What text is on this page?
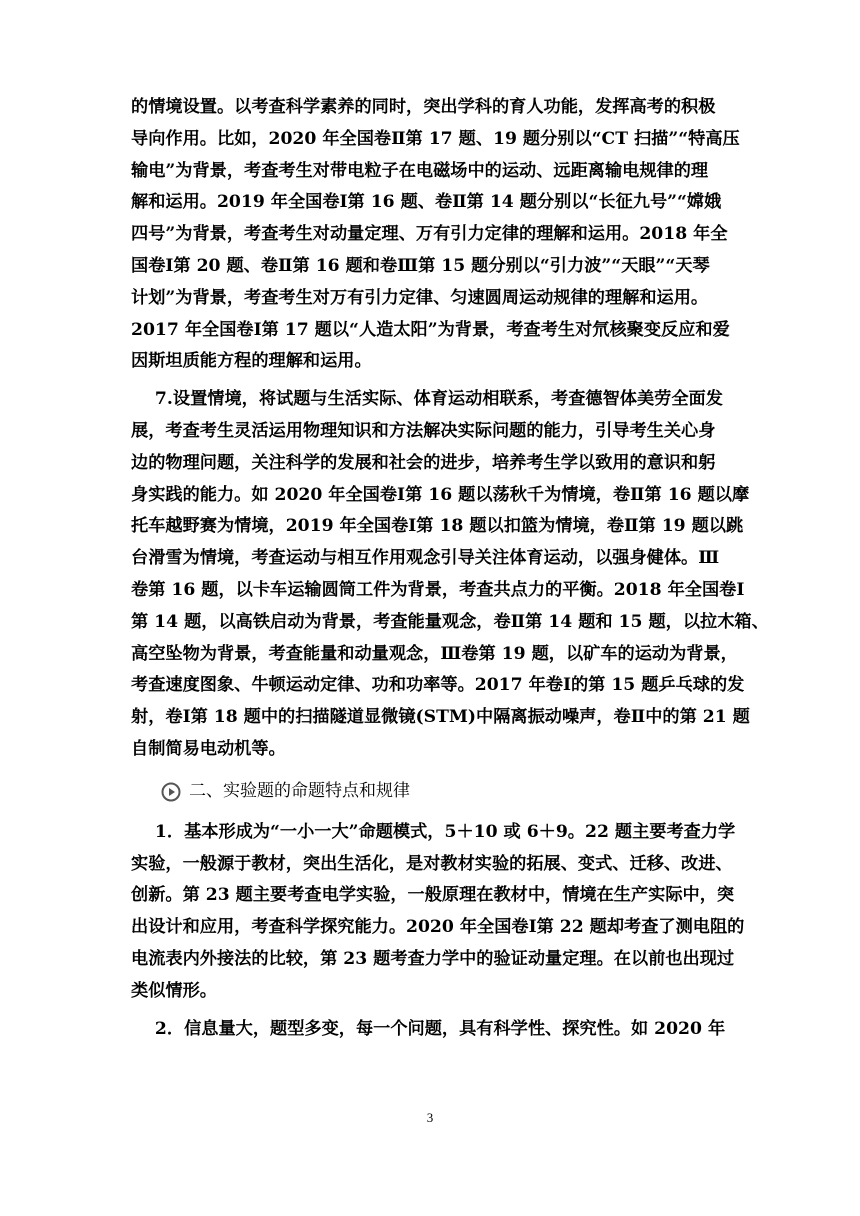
的情境设置。以考查科学素养的同时，突出学科的育人功能，发挥高考的积极
导向作用。比如，2020 年全国卷Ⅱ第 17 题、19 题分别以“CT 扫描”“特高压
输电”为背景，考查考生对带电粒子在电磁场中的运动、远距离输电规律的理
解和运用。2019 年全国卷Ⅰ第 16 题、卷Ⅱ第 14 题分别以“长征九号”“嫦娥
四号”为背景，考查考生对动量定理、万有引力定律的理解和运用。2018 年全
国卷Ⅰ第 20 题、卷Ⅱ第 16 题和卷Ⅲ第 15 题分别以“引力波”“天眼”“天琴
计划”为背景，考查考生对万有引力定律、匀速圆周运动规律的理解和运用。
2017 年全国卷Ⅰ第 17 题以“人造太阳”为背景，考查考生对氘核聚变反应和爱
因斯坦质能方程的理解和运用。

7.设置情境，将试题与生活实际、体育运动相联系，考查德智体美劳全面发
展，考查考生灵活运用物理知识和方法解决实际问题的能力，引导考生关心身
边的物理问题，关注科学的发展和社会的进步，培养考生学以致用的意识和躬
身实践的能力。如 2020 年全国卷Ⅰ第 16 题以荡秋千为情境，卷Ⅱ第 16 题以摩
托车越野赛为情境，2019 年全国卷Ⅰ第 18 题以扣篮为情境，卷Ⅱ第 19 题以跳
台滑雪为情境，考查运动与相互作用观念引导关注体育运动，以强身健体。Ⅲ
卷第 16 题，以卡车运输圆筒工件为背景，考查共点力的平衡。2018 年全国卷Ⅰ
第 14 题，以高铁启动为背景，考查能量观念，卷Ⅱ第 14 题和 15 题，以拉木箱、
高空坠物为背景，考查能量和动量观念，Ⅲ卷第 19 题，以矿车的运动为背景，
考查速度图象、牛顿运动定律、功和功率等。2017 年卷Ⅰ的第 15 题乒乓球的发
射，卷Ⅰ第 18 题中的扫描隧道显微镜(STM)中隔离振动噪声，卷Ⅱ中的第 21 题
自制简易电动机等。

二、实验题的命题特点和规律

1．基本形成为“一小一大”命题模式，5＋10 或 6＋9。22 题主要考查力学
实验，一般源于教材，突出生活化，是对教材实验的拓展、变式、迁移、改进、
创新。第 23 题主要考查电学实验，一般原理在教材中，情境在生产实际中，突
出设计和应用，考查科学探究能力。2020 年全国卷Ⅰ第 22 题却考查了测电阻的
电流表内外接法的比较，第 23 题考查力学中的验证动量定理。在以前也出现过
类似情形。

2．信息量大，题型多变，每一个问题，具有科学性、探究性。如 2020 年

3
